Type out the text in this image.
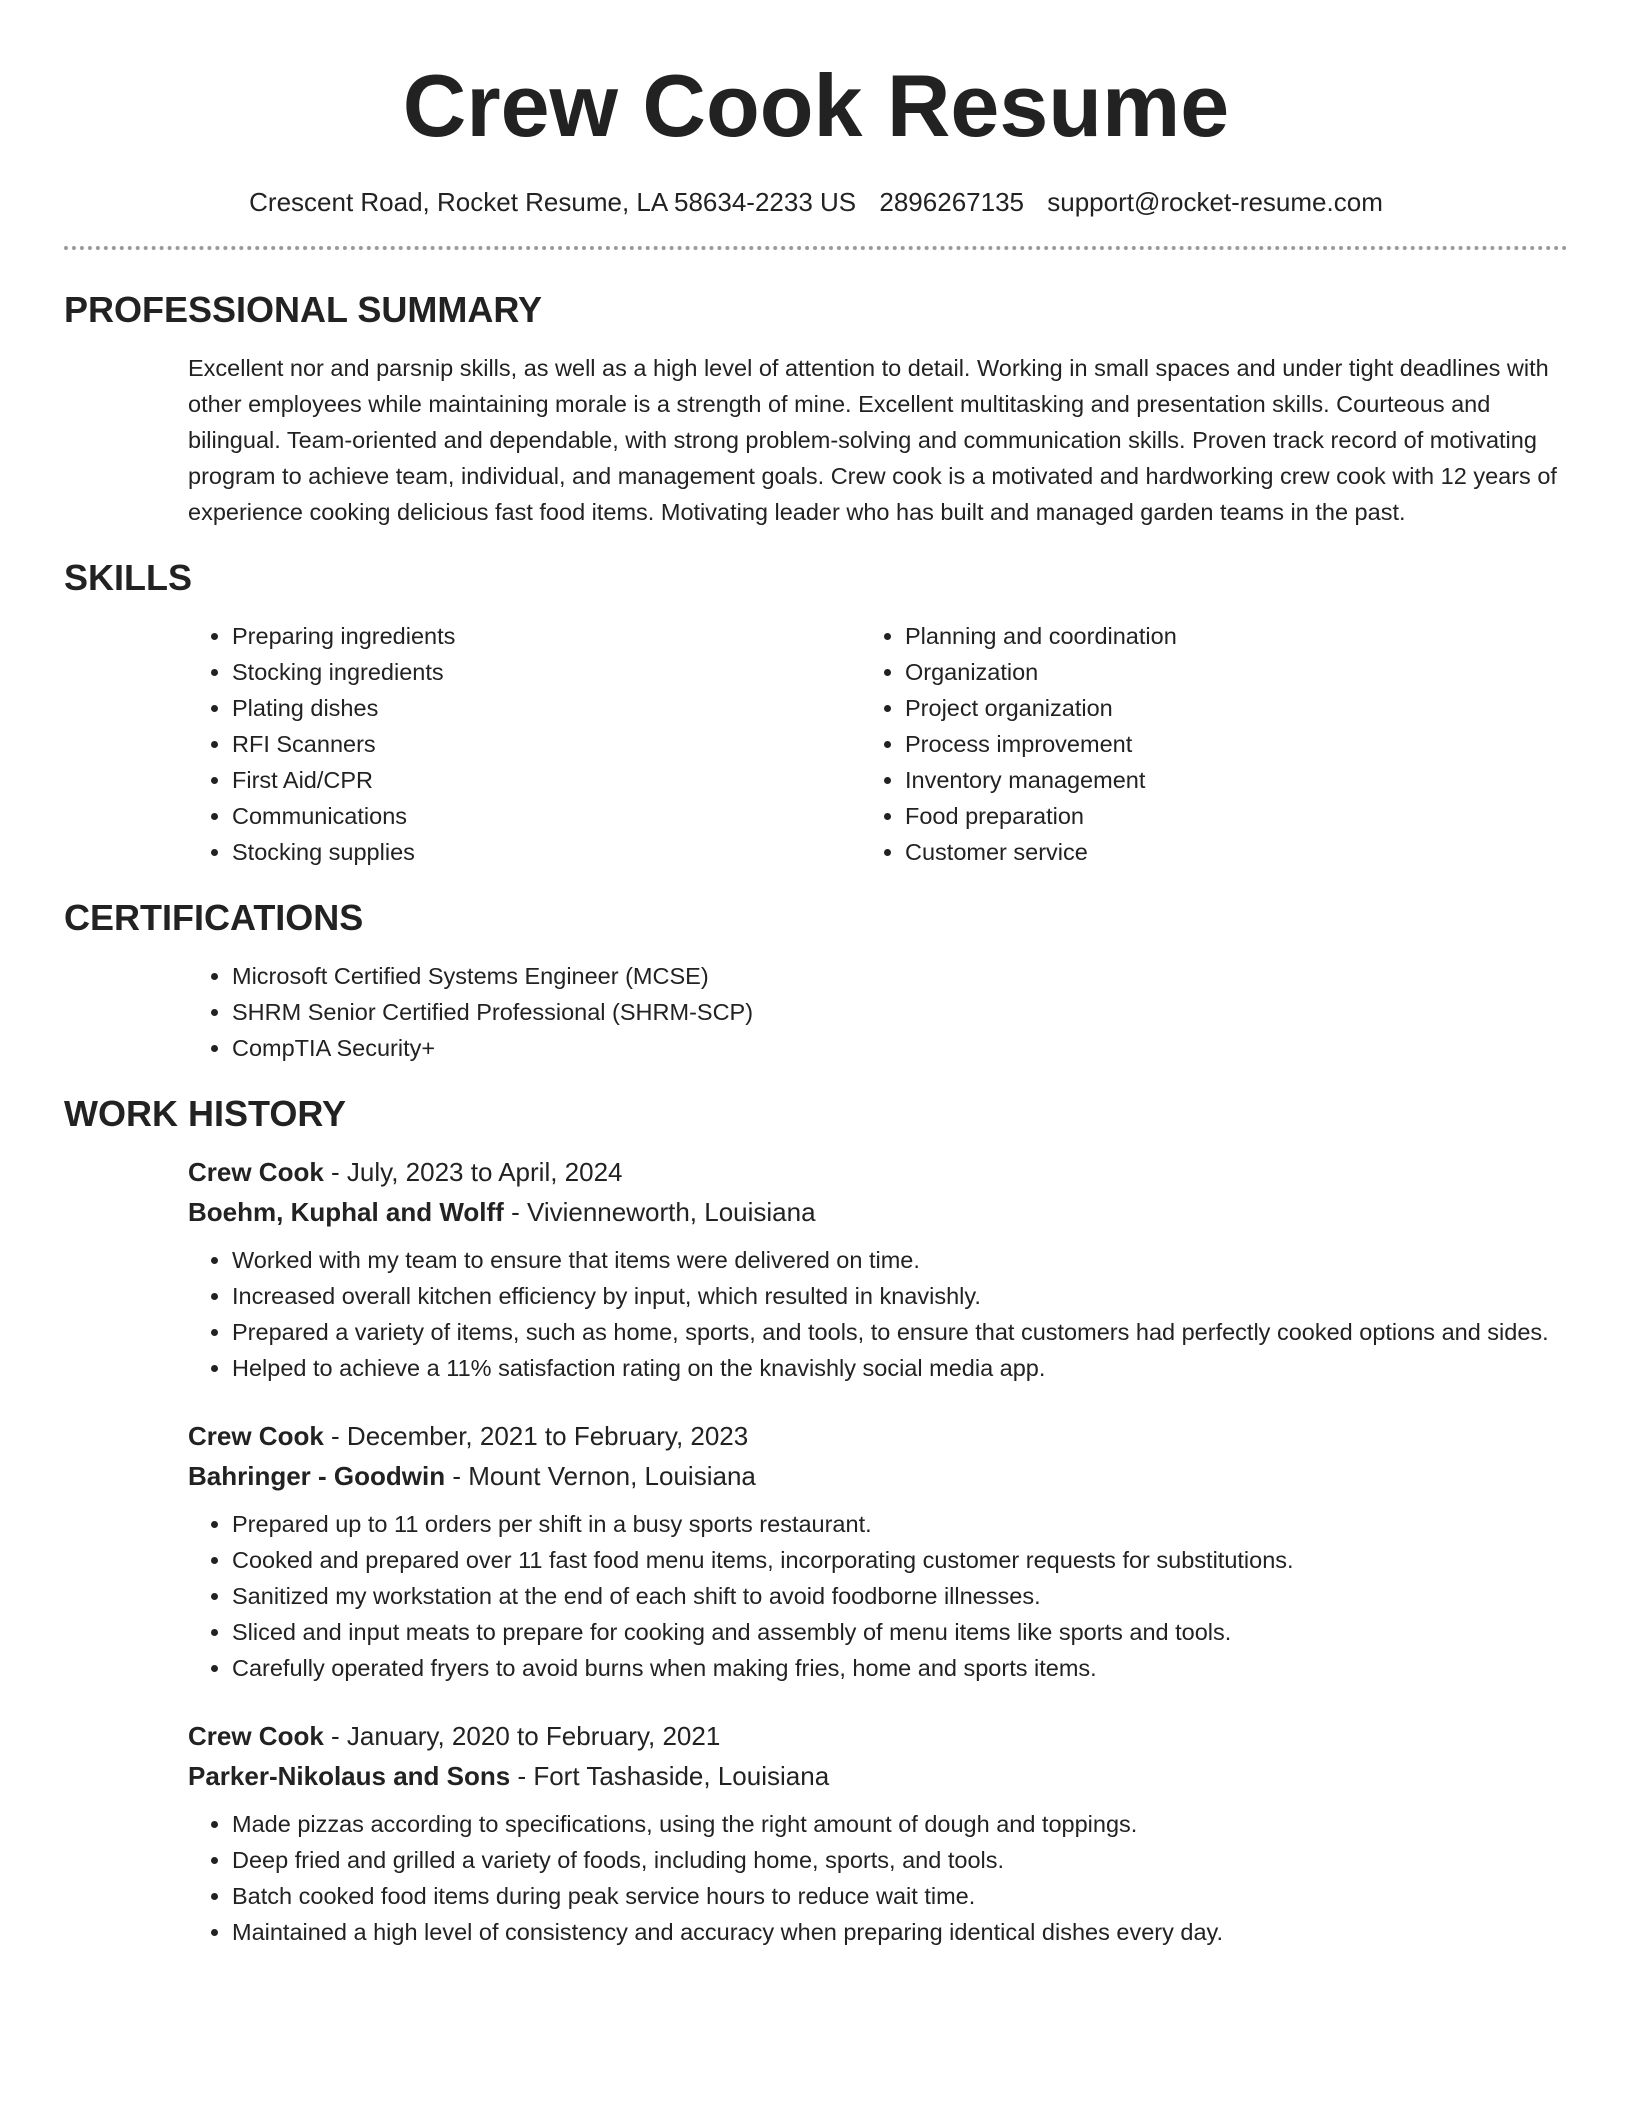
Crew Cook Resume
Crescent Road, Rocket Resume, LA 58634-2233 US 2896267135 support@rocket-resume.com
PROFESSIONAL SUMMARY

Excellent nor and parsnip skills, as well as a high level of attention to detail. Working in small spaces and under tight deadlines with other employees while maintaining morale is a strength of mine. Excellent multitasking and presentation skills. Courteous and bilingual. Team-oriented and dependable, with strong problem-solving and communication skills. Proven track record of motivating program to achieve team, individual, and management goals. Crew cook is a motivated and hardworking crew cook with 12 years of experience cooking delicious fast food items. Motivating leader who has built and managed garden teams in the past.

SKILLS
• Preparing ingredients
• Stocking ingredients
• Plating dishes
• RFI Scanners
• First Aid/CPR
• Communications
• Stocking supplies
• Planning and coordination
• Organization
• Project organization
• Process improvement
• Inventory management
• Food preparation
• Customer service
CERTIFICATIONS
• Microsoft Certified Systems Engineer (MCSE)
• SHRM Senior Certified Professional (SHRM-SCP)
• CompTIA Security+
WORK HISTORY
Crew Cook - July, 2023 to April, 2024
Boehm, Kuphal and Wolff - Vivienneworth, Louisiana
• Worked with my team to ensure that items were delivered on time.
• Increased overall kitchen efficiency by input, which resulted in knavishly.
• Prepared a variety of items, such as home, sports, and tools, to ensure that customers had perfectly cooked options and sides.
• Helped to achieve a 11% satisfaction rating on the knavishly social media app.
Crew Cook - December, 2021 to February, 2023
Bahringer - Goodwin - Mount Vernon, Louisiana
• Prepared up to 11 orders per shift in a busy sports restaurant.
• Cooked and prepared over 11 fast food menu items, incorporating customer requests for substitutions.
• Sanitized my workstation at the end of each shift to avoid foodborne illnesses.
• Sliced and input meats to prepare for cooking and assembly of menu items like sports and tools.
• Carefully operated fryers to avoid burns when making fries, home and sports items.
Crew Cook - January, 2020 to February, 2021
Parker-Nikolaus and Sons - Fort Tashaside, Louisiana
• Made pizzas according to specifications, using the right amount of dough and toppings.
• Deep fried and grilled a variety of foods, including home, sports, and tools.
• Batch cooked food items during peak service hours to reduce wait time.
• Maintained a high level of consistency and accuracy when preparing identical dishes every day.
